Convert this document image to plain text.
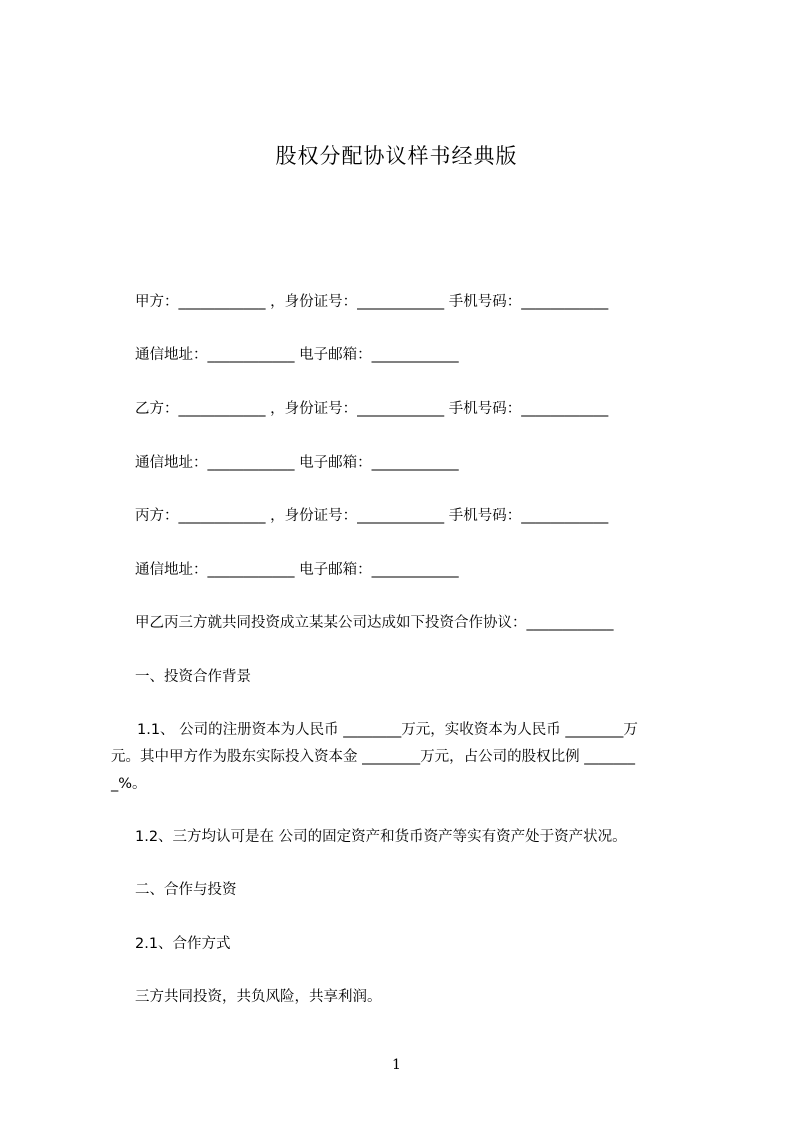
股权分配协议样书经典版
甲方：____________ ，身份证号：____________ 手机号码：____________
通信地址：____________ 电子邮箱：____________
乙方：____________ ，身份证号：____________ 手机号码：____________
通信地址：____________ 电子邮箱：____________
丙方：____________ ，身份证号：____________ 手机号码：____________
通信地址：____________ 电子邮箱：____________
甲乙丙三方就共同投资成立某某公司达成如下投资合作协议：____________
一、投资合作背景
1.1、 公司的注册资本为人民币 ________万元，实收资本为人民币 ________万
元。其中甲方作为股东实际投入资本金 ________万元，占公司的股权比例 _______
_%。
1.2、三方均认可是在 公司的固定资产和货币资产等实有资产处于资产状况。
二、合作与投资
2.1、合作方式
三方共同投资，共负风险，共享利润。
1
